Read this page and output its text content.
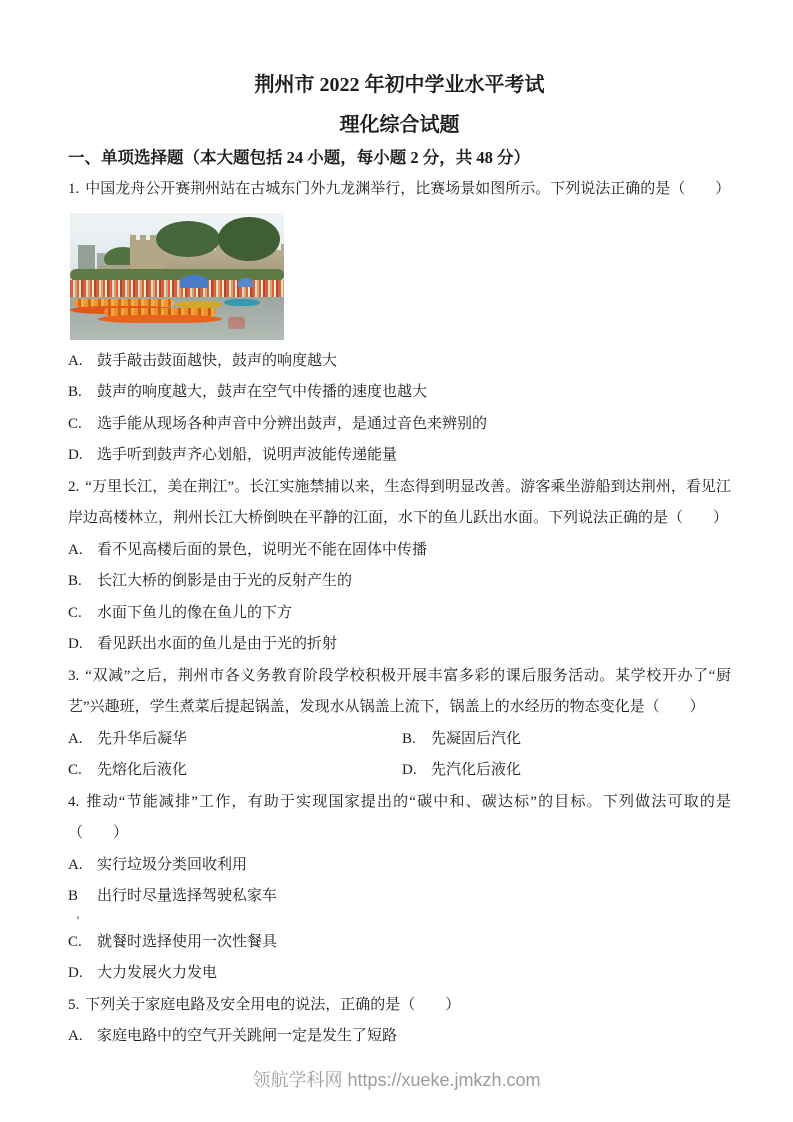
荆州市 2022 年初中学业水平考试
理化综合试题
一、单项选择题（本大题包括 24 小题，每小题 2 分，共 48 分）

1. 中国龙舟公开赛荆州站在古城东门外九龙渊举行，比赛场景如图所示。下列说法正确的是（　　）

A. 鼓手敲击鼓面越快，鼓声的响度越大

B. 鼓声的响度越大，鼓声在空气中传播的速度也越大

C. 选手能从现场各种声音中分辨出鼓声，是通过音色来辨别的

D. 选手听到鼓声齐心划船，说明声波能传递能量

2. “万里长江，美在荆江”。长江实施禁捕以来，生态得到明显改善。游客乘坐游船到达荆州，看见江岸边高楼林立，荆州长江大桥倒映在平静的江面，水下的鱼儿跃出水面。下列说法正确的是（　　）

A. 看不见高楼后面的景色，说明光不能在固体中传播

B. 长江大桥的倒影是由于光的反射产生的

C. 水面下鱼儿的像在鱼儿的下方

D. 看见跃出水面的鱼儿是由于光的折射

3. “双减”之后，荆州市各义务教育阶段学校积极开展丰富多彩的课后服务活动。某学校开办了“厨艺”兴趣班，学生煮菜后提起锅盖，发现水从锅盖上流下，锅盖上的水经历的物态变化是（　　）

A. 先升华后凝华	B. 先凝固后汽化

C. 先熔化后液化	D. 先汽化后液化

4. 推动“节能减排”工作，有助于实现国家提出的“碳中和、碳达标”的目标。下列做法可取的是（　　）

A. 实行垃圾分类回收利用

B 出行时尽量选择驾驶私家车

’

C. 就餐时选择使用一次性餐具

D. 大力发展火力发电

5. 下列关于家庭电路及安全用电的说法，正确的是（　　）

A. 家庭电路中的空气开关跳闸一定是发生了短路

领航学科网 https://xueke.jmkzh.com
